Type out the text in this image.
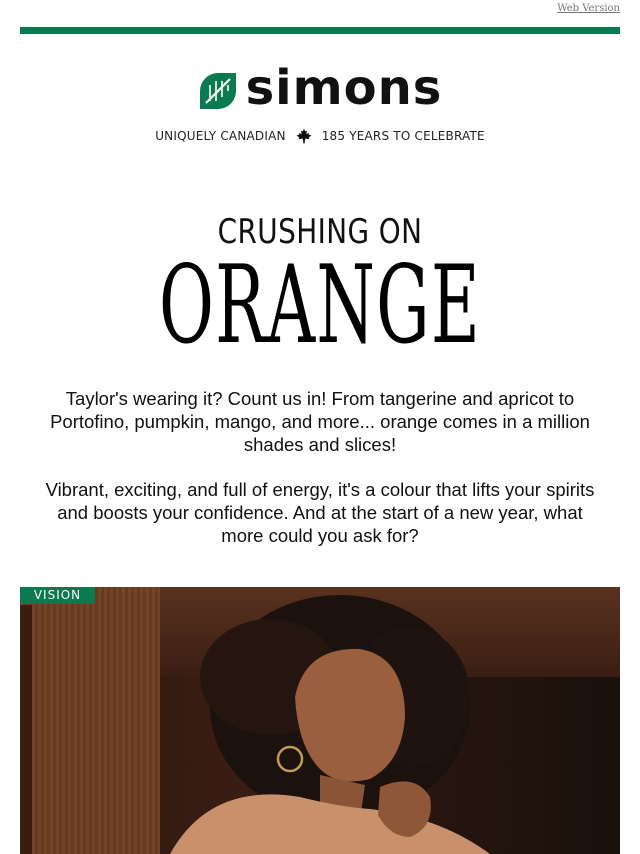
Web Version
simons
UNIQUELY CANADIAN	185 YEARS TO CELEBRATE
CRUSHING ON
ORANGE

Taylor's wearing it? Count us in! From tangerine and apricot to Portofino, pumpkin, mango, and more... orange comes in a million shades and slices!

Vibrant, exciting, and full of energy, it's a colour that lifts your spirits and boosts your confidence. And at the start of a new year, what more could you ask for?

VISION
